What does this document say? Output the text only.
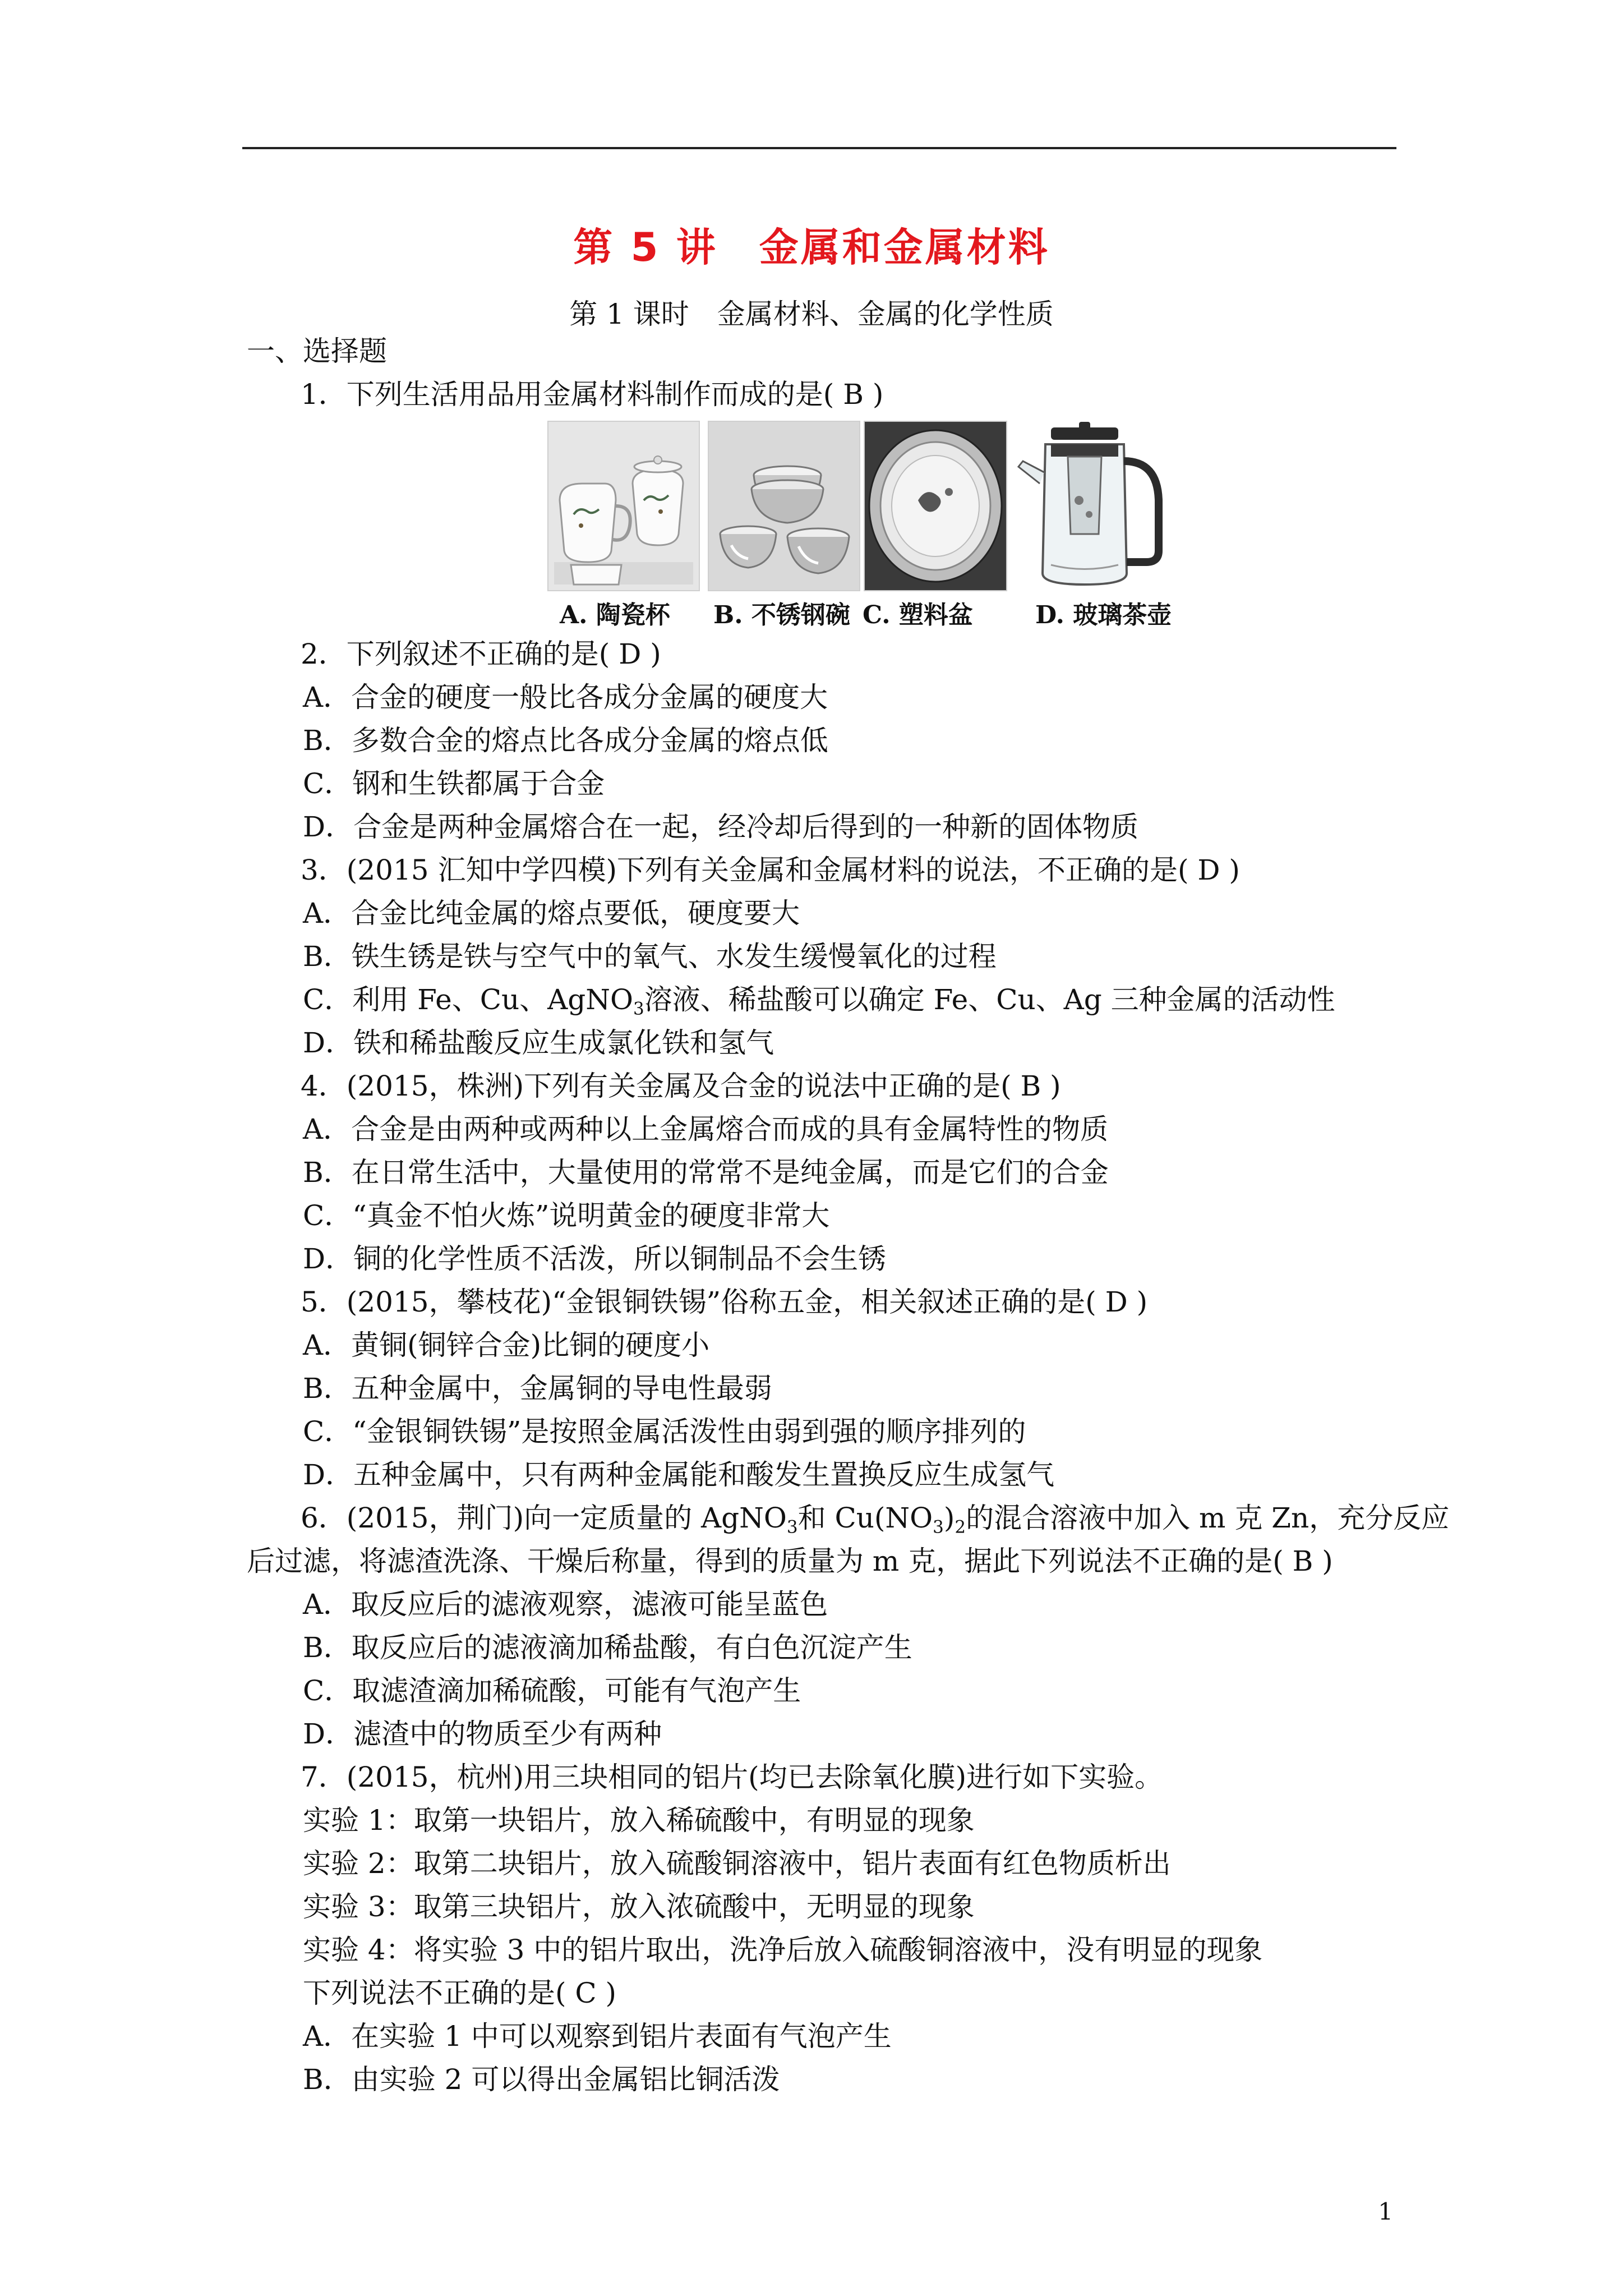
第 5 讲　金属和金属材料
第 1 课时　金属材料、金属的化学性质
一、选择题
1．下列生活用品用金属材料制作而成的是( B )
A. 陶瓷杯 B. 不锈钢碗 C. 塑料盆	D. 玻璃茶壶
2．下列叙述不正确的是( D )
A．合金的硬度一般比各成分金属的硬度大
B．多数合金的熔点比各成分金属的熔点低
C．钢和生铁都属于合金
D．合金是两种金属熔合在一起，经冷却后得到的一种新的固体物质
3．(2015 汇知中学四模)下列有关金属和金属材料的说法，不正确的是( D )
A．合金比纯金属的熔点要低，硬度要大
B．铁生锈是铁与空气中的氧气、水发生缓慢氧化的过程
C．利用 Fe、Cu、AgNO$_3$溶液、稀盐酸可以确定 Fe、Cu、Ag 三种金属的活动性
D．铁和稀盐酸反应生成氯化铁和氢气
4．(2015，株洲)下列有关金属及合金的说法中正确的是( B )
A．合金是由两种或两种以上金属熔合而成的具有金属特性的物质
B．在日常生活中，大量使用的常常不是纯金属，而是它们的合金
C．“真金不怕火炼”说明黄金的硬度非常大
D．铜的化学性质不活泼，所以铜制品不会生锈
5．(2015，攀枝花)“金银铜铁锡”俗称五金，相关叙述正确的是( D )
A．黄铜(铜锌合金)比铜的硬度小
B．五种金属中，金属铜的导电性最弱
C．“金银铜铁锡”是按照金属活泼性由弱到强的顺序排列的
D．五种金属中，只有两种金属能和酸发生置换反应生成氢气
6．(2015，荆门)向一定质量的 AgNO$_3$和 $Cu(NO_3)_2$的混合溶液中加入 m 克 Zn，充分反应
后过滤，将滤渣洗涤、干燥后称量，得到的质量为 m 克，据此下列说法不正确的是( B )
A．取反应后的滤液观察，滤液可能呈蓝色
B．取反应后的滤液滴加稀盐酸，有白色沉淀产生
C．取滤渣滴加稀硫酸，可能有气泡产生
D．滤渣中的物质至少有两种
7．(2015，杭州)用三块相同的铝片(均已去除氧化膜)进行如下实验。
实验 1：取第一块铝片，放入稀硫酸中，有明显的现象
实验 2：取第二块铝片，放入硫酸铜溶液中，铝片表面有红色物质析出
实验 3：取第三块铝片，放入浓硫酸中，无明显的现象
实验 4：将实验 3 中的铝片取出，洗净后放入硫酸铜溶液中，没有明显的现象
下列说法不正确的是( C )
A．在实验 1 中可以观察到铝片表面有气泡产生
B．由实验 2 可以得出金属铝比铜活泼
1
